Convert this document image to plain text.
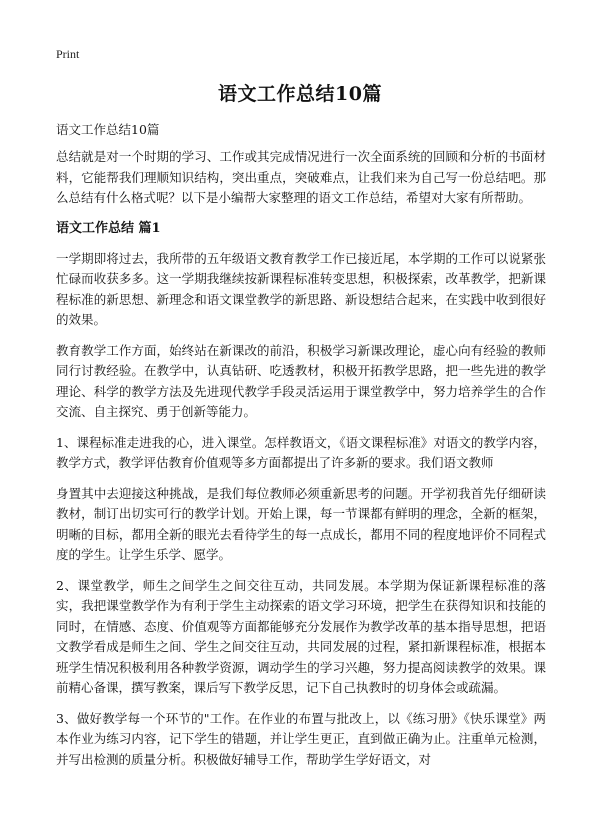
Print
语文工作总结10篇

语文工作总结10篇

总结就是对一个时期的学习、工作或其完成情况进行一次全面系统的回顾和分析的书面材料，它能帮我们理顺知识结构，突出重点，突破难点，让我们来为自己写一份总结吧。那么总结有什么格式呢？以下是小编帮大家整理的语文工作总结，希望对大家有所帮助。

语文工作总结 篇1

一学期即将过去，我所带的五年级语文教育教学工作已接近尾，本学期的工作可以说紧张忙碌而收获多多。这一学期我继续按新课程标准转变思想，积极探索，改革教学，把新课程标准的新思想、新理念和语文课堂教学的新思路、新设想结合起来，在实践中收到很好的效果。

教育教学工作方面，始终站在新课改的前沿，积极学习新课改理论，虚心向有经验的教师同行讨教经验。在教学中，认真钻研、吃透教材，积极开拓教学思路，把一些先进的教学理论、科学的教学方法及先进现代教学手段灵活运用于课堂教学中，努力培养学生的合作交流、自主探究、勇于创新等能力。

1、课程标准走进我的心，进入课堂。怎样教语文，《语文课程标准》对语文的教学内容，教学方式，教学评估教育价值观等多方面都提出了许多新的要求。我们语文教师

身置其中去迎接这种挑战，是我们每位教师必须重新思考的问题。开学初我首先仔细研读教材，制订出切实可行的教学计划。开始上课，每一节课都有鲜明的理念，全新的框架，明晰的目标，都用全新的眼光去看待学生的每一点成长，都用不同的程度地评价不同程式度的学生。让学生乐学、愿学。

2、课堂教学，师生之间学生之间交往互动，共同发展。本学期为保证新课程标准的落实，我把课堂教学作为有利于学生主动探索的语文学习环境，把学生在获得知识和技能的同时，在情感、态度、价值观等方面都能够充分发展作为教学改革的基本指导思想，把语文教学看成是师生之间、学生之间交往互动，共同发展的过程，紧扣新课程标准，根据本班学生情况积极利用各种教学资源，调动学生的学习兴趣，努力提高阅读教学的效果。课前精心备课，撰写教案，课后写下教学反思，记下自己执教时的切身体会或疏漏。

3、做好教学每一个环节的"工作。在作业的布置与批改上，以《练习册》《快乐课堂》两本作业为练习内容，记下学生的错题，并让学生更正，直到做正确为止。注重单元检测，并写出检测的质量分析。积极做好辅导工作，帮助学生学好语文，对
